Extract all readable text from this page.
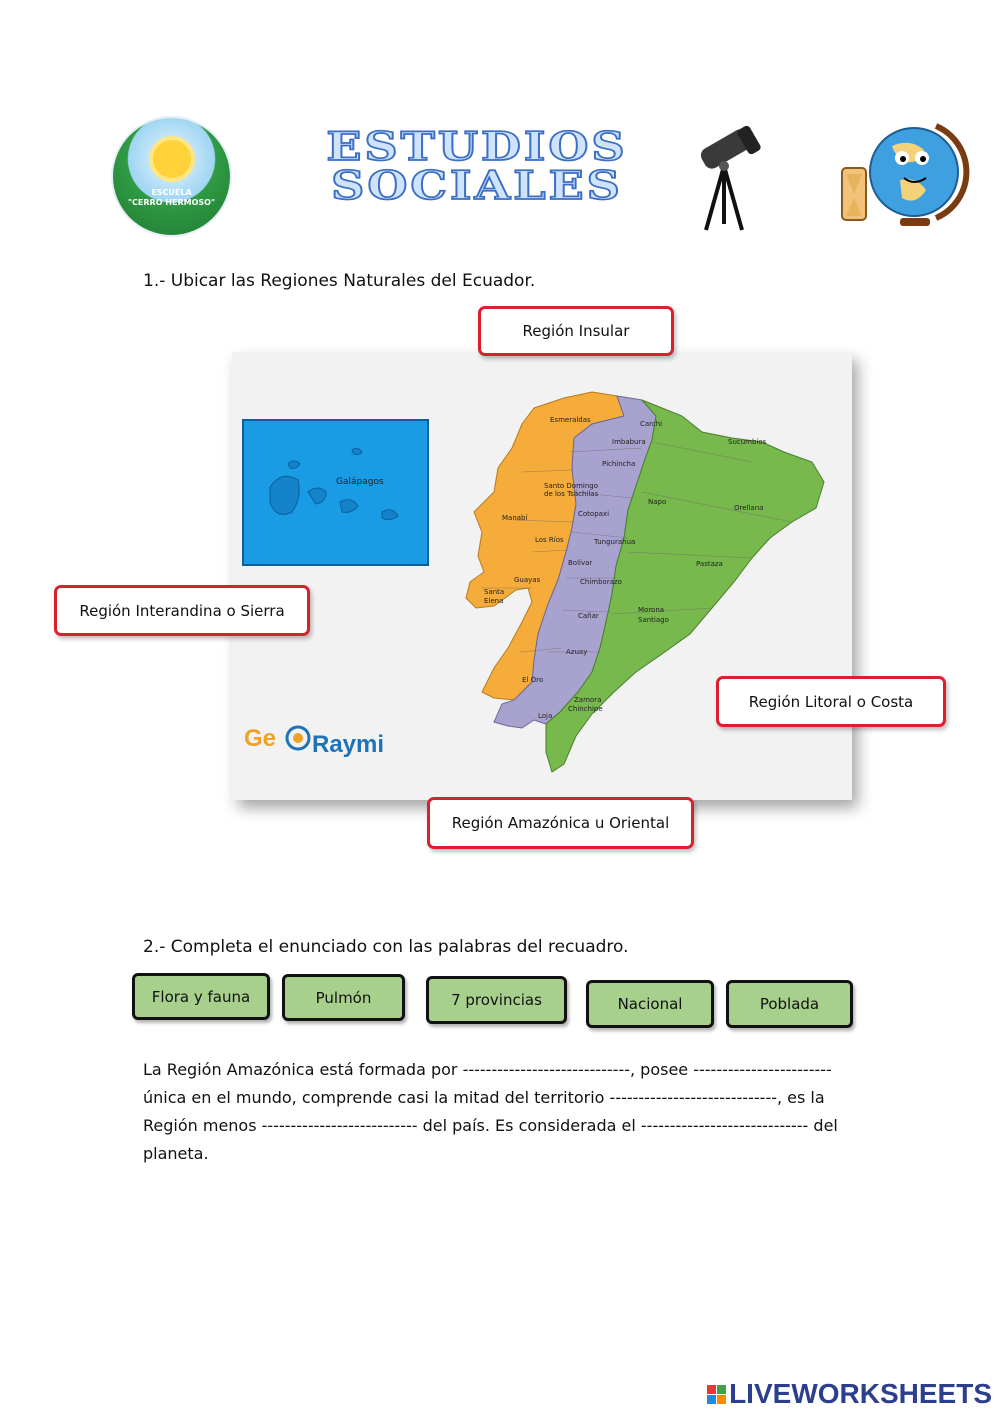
ESCUELA
"CERRO HERMOSO"
ESTUDIOS
SOCIALES
1.- Ubicar las Regiones Naturales del Ecuador.
Galápagos
Esmeraldas	Carchi
Imbabura
Pichincha
Santo Domingo
de los Tsáchilas
Manabí	Cotopaxi
Los Ríos	Tungurahua
Bolívar
Guayas	Chimborazo
Santa
Elena
Cañar
Azuay
El Oro
Loja
Zamora
Chinchipe
Sucumbíos
Orellana
Napo
Pastaza
Morona
Santiago
Ge Raymi
Región Insular
Región Interandina o Sierra
Región Litoral o Costa
Región Amazónica u Oriental
2.- Completa el enunciado con las palabras del recuadro.
Flora y fauna	Pulmón	7 provincias	Nacional	Poblada
La Región Amazónica está formada por -----------------------------, posee ------------------------ única en el mundo, comprende casi la mitad del territorio -----------------------------, es la Región menos --------------------------- del país. Es considerada el ----------------------------- del planeta.
LIVEWORKSHEETS
